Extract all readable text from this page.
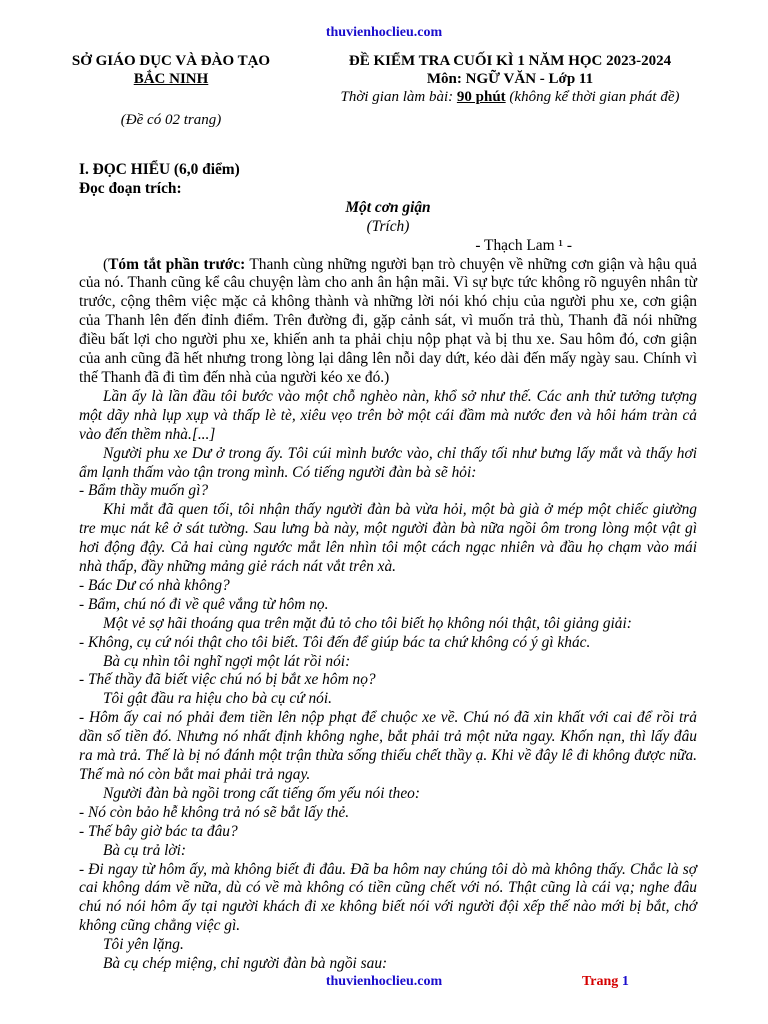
thuvienhoclieu.com
SỞ GIÁO DỤC VÀ ĐÀO TẠO
BẮC NINH
(Đề có 02 trang)
ĐỀ KIỂM TRA CUỐI KÌ 1 NĂM HỌC 2023-2024
Môn: NGỮ VĂN - Lớp 11
Thời gian làm bài: 90 phút (không kể thời gian phát đề)

I. ĐỌC HIỂU (6,0 điểm)

Đọc đoạn trích:

Một cơn giận

(Trích)

- Thạch Lam ¹ -

(Tóm tắt phần trước: Thanh cùng những người bạn trò chuyện về những cơn giận và hậu quả của nó. Thanh cũng kể câu chuyện làm cho anh ân hận mãi. Vì sự bực tức không rõ nguyên nhân từ trước, cộng thêm việc mặc cả không thành và những lời nói khó chịu của người phu xe, cơn giận của Thanh lên đến đỉnh điểm. Trên đường đi, gặp cảnh sát, vì muốn trả thù, Thanh đã nói những điều bất lợi cho người phu xe, khiến anh ta phải chịu nộp phạt và bị thu xe. Sau hôm đó, cơn giận của anh cũng đã hết nhưng trong lòng lại dâng lên nỗi day dứt, kéo dài đến mấy ngày sau. Chính vì thế Thanh đã đi tìm đến nhà của người kéo xe đó.)

Lần ấy là lần đầu tôi bước vào một chỗ nghèo nàn, khổ sở như thế. Các anh thử tưởng tượng một dãy nhà lụp xụp và thấp lè tè, xiêu vẹo trên bờ một cái đầm mà nước đen và hôi hám tràn cả vào đến thềm nhà.[...]

Người phu xe Dư ở trong ấy. Tôi cúi mình bước vào, chỉ thấy tối như bưng lấy mắt và thấy hơi ẩm lạnh thấm vào tận trong mình. Có tiếng người đàn bà sẽ hỏi:

- Bẩm thầy muốn gì?

Khi mắt đã quen tối, tôi nhận thấy người đàn bà vừa hỏi, một bà già ở mép một chiếc giường tre mục nát kê ở sát tường. Sau lưng bà này, một người đàn bà nữa ngồi ôm trong lòng một vật gì hơi động đậy. Cả hai cùng ngước mắt lên nhìn tôi một cách ngạc nhiên và đầu họ chạm vào mái nhà thấp, đầy những mảng giẻ rách nát vắt trên xà.

- Bác Dư có nhà không?

- Bẩm, chú nó đi về quê vắng từ hôm nọ.

Một vẻ sợ hãi thoáng qua trên mặt đủ tỏ cho tôi biết họ không nói thật, tôi giảng giải:

- Không, cụ cứ nói thật cho tôi biết. Tôi đến để giúp bác ta chứ không có ý gì khác.

Bà cụ nhìn tôi nghĩ ngợi một lát rồi nói:

- Thế thầy đã biết việc chú nó bị bắt xe hôm nọ?

Tôi gật đầu ra hiệu cho bà cụ cứ nói.

- Hôm ấy cai nó phải đem tiền lên nộp phạt để chuộc xe về. Chú nó đã xin khất với cai để rồi trả dần số tiền đó. Nhưng nó nhất định không nghe, bắt phải trả một nửa ngay. Khốn nạn, thì lấy đâu ra mà trả. Thế là bị nó đánh một trận thừa sống thiếu chết thầy ạ. Khi về đây lê đi không được nữa. Thế mà nó còn bắt mai phải trả ngay.

Người đàn bà ngồi trong cất tiếng ốm yếu nói theo:

- Nó còn bảo hễ không trả nó sẽ bắt lấy thẻ.

- Thế bây giờ bác ta đâu?

Bà cụ trả lời:

- Đi ngay từ hôm ấy, mà không biết đi đâu. Đã ba hôm nay chúng tôi dò mà không thấy. Chắc là sợ cai không dám về nữa, dù có về mà không có tiền cũng chết với nó. Thật cũng là cái vạ; nghe đâu chú nó nói hôm ấy tại người khách đi xe không biết nói với người đội xếp thế nào mới bị bắt, chớ không cũng chẳng việc gì.

Tôi yên lặng.

Bà cụ chép miệng, chỉ người đàn bà ngồi sau:

thuvienhoclieu.com	Trang 1
